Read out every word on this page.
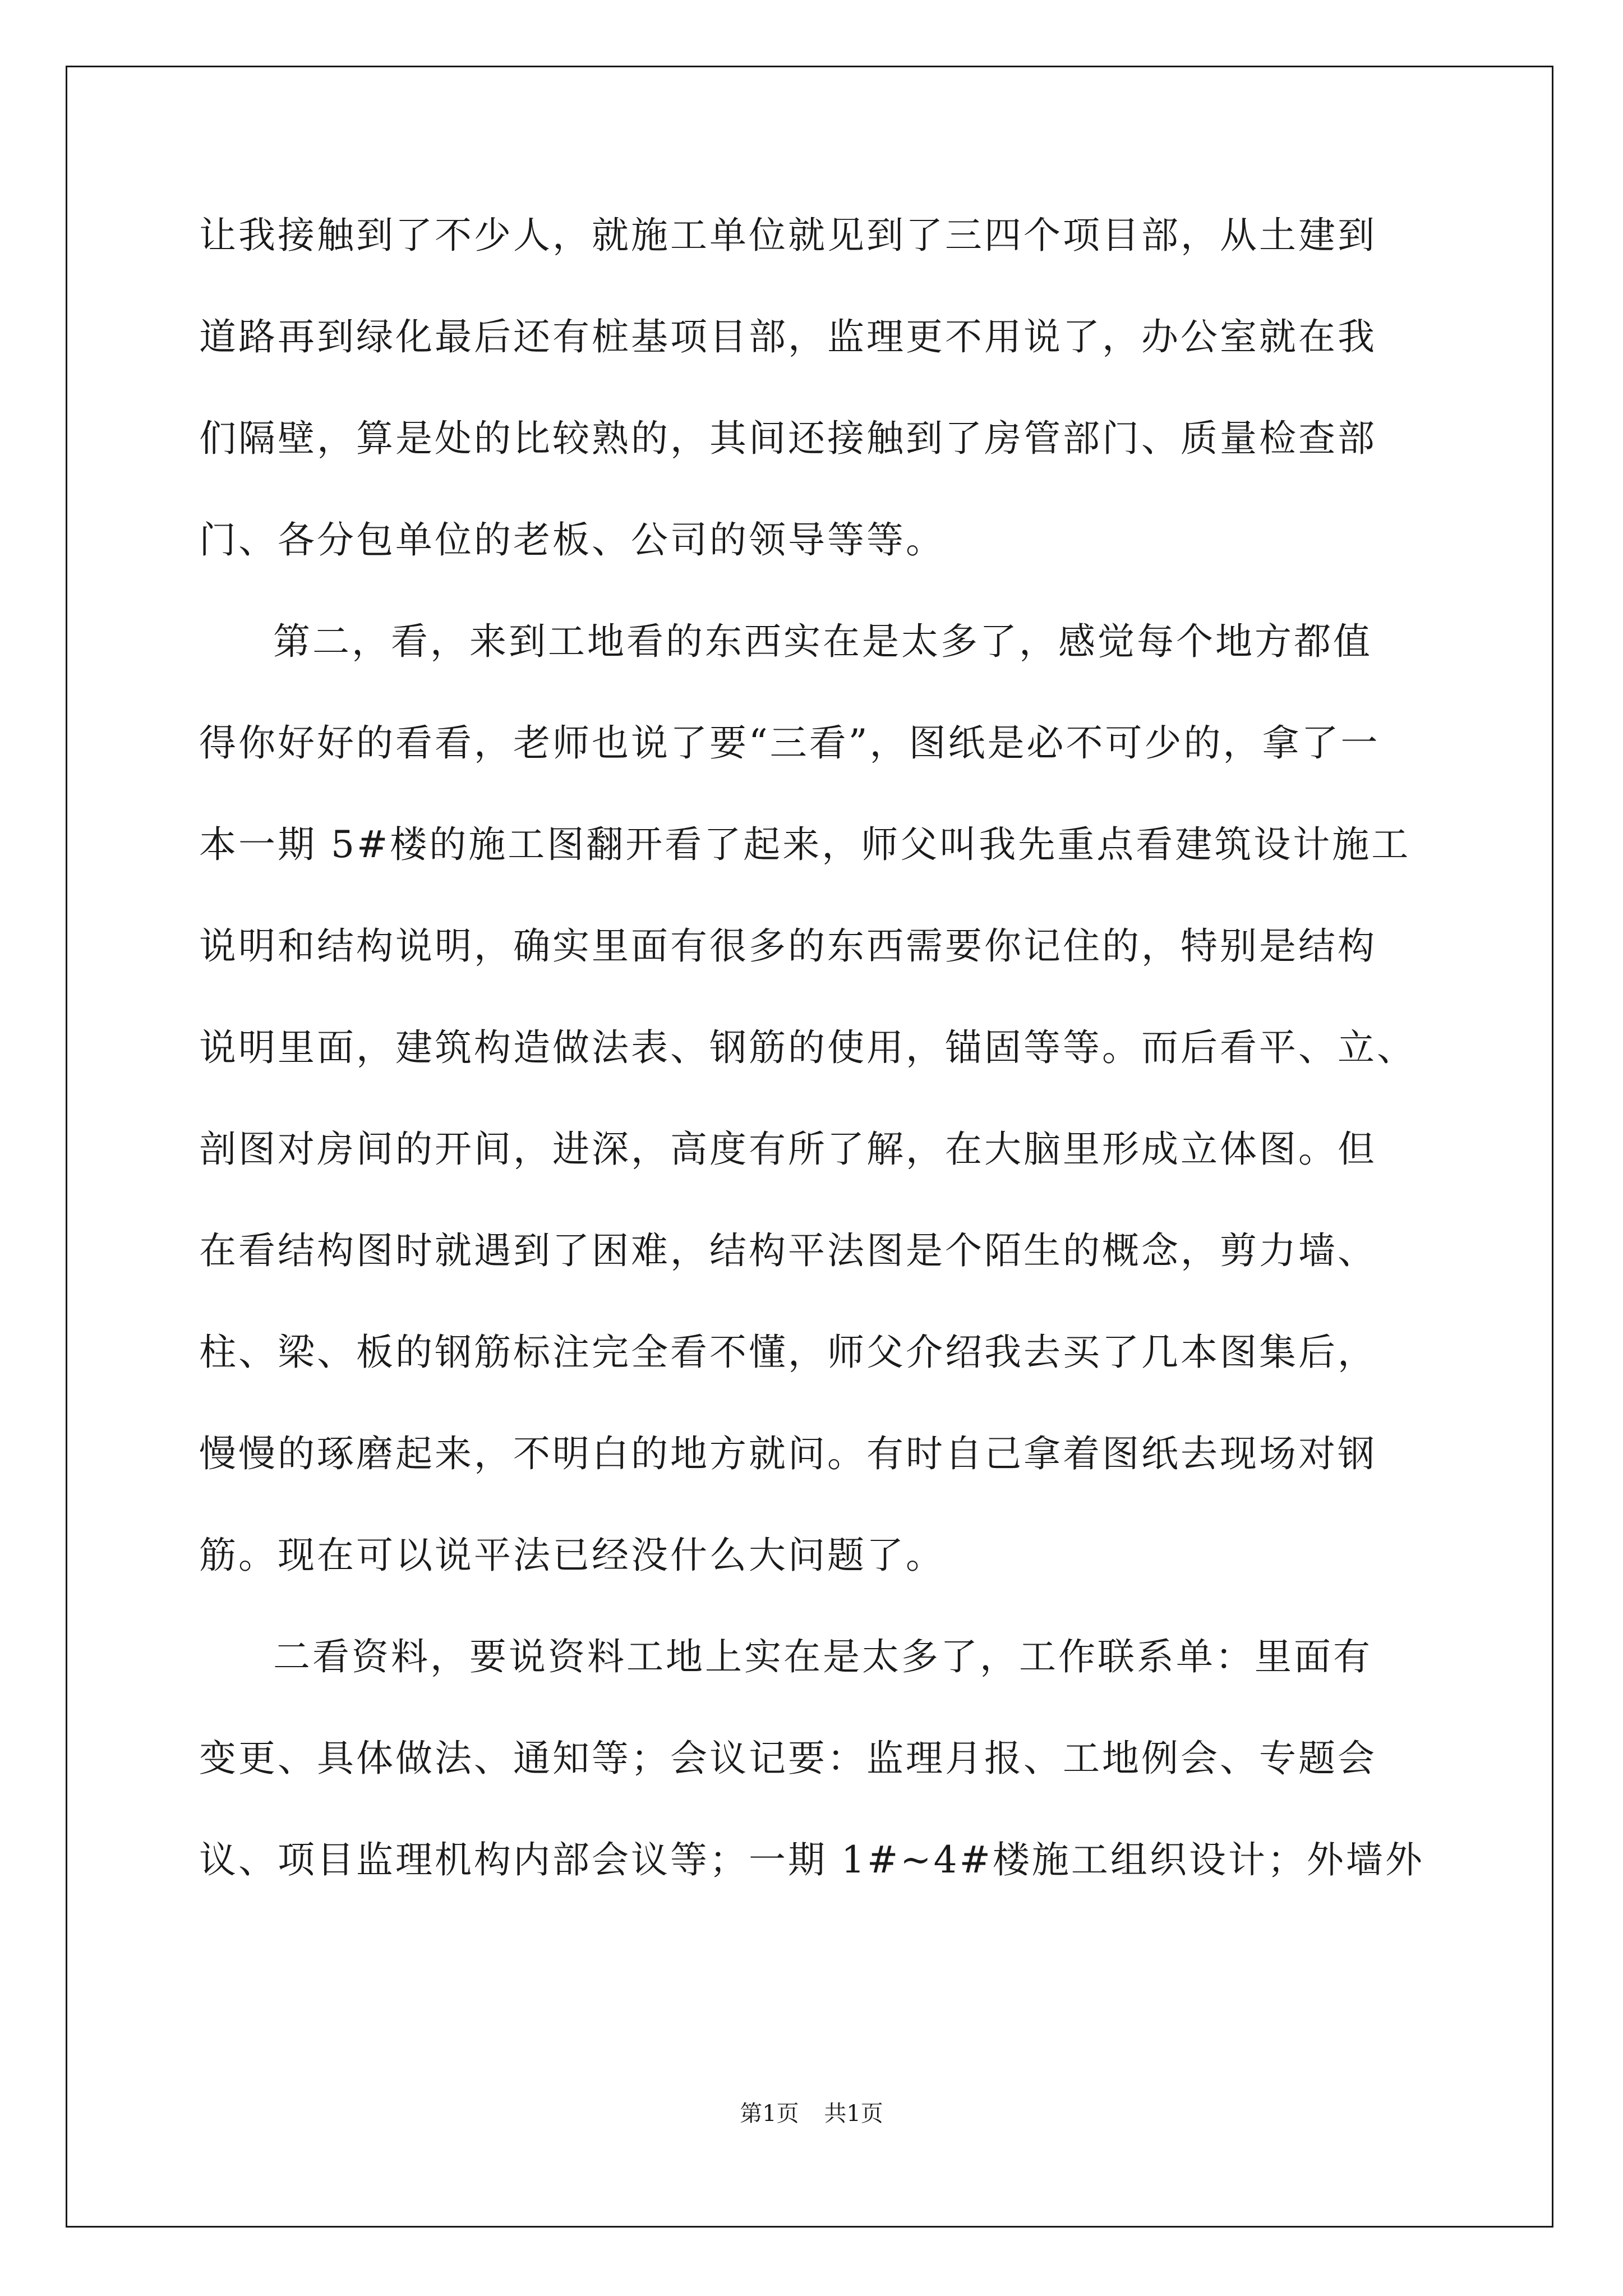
让我接触到了不少人，就施工单位就见到了三四个项目部，从土建到
道路再到绿化最后还有桩基项目部，监理更不用说了，办公室就在我
们隔壁，算是处的比较熟的，其间还接触到了房管部门、质量检查部
门、各分包单位的老板、公司的领导等等。
第二，看，来到工地看的东西实在是太多了，感觉每个地方都值
得你好好的看看，老师也说了要“三看”，图纸是必不可少的，拿了一
本一期 5#楼的施工图翻开看了起来，师父叫我先重点看建筑设计施工
说明和结构说明，确实里面有很多的东西需要你记住的，特别是结构
说明里面，建筑构造做法表、钢筋的使用，锚固等等。而后看平、立、
剖图对房间的开间，进深，高度有所了解，在大脑里形成立体图。但
在看结构图时就遇到了困难，结构平法图是个陌生的概念，剪力墙、
柱、梁、板的钢筋标注完全看不懂，师父介绍我去买了几本图集后，
慢慢的琢磨起来，不明白的地方就问。有时自己拿着图纸去现场对钢
筋。现在可以说平法已经没什么大问题了。
二看资料，要说资料工地上实在是太多了，工作联系单：里面有
变更、具体做法、通知等；会议记要：监理月报、工地例会、专题会
议、项目监理机构内部会议等；一期 1#~4#楼施工组织设计；外墙外
第1页 共1页
